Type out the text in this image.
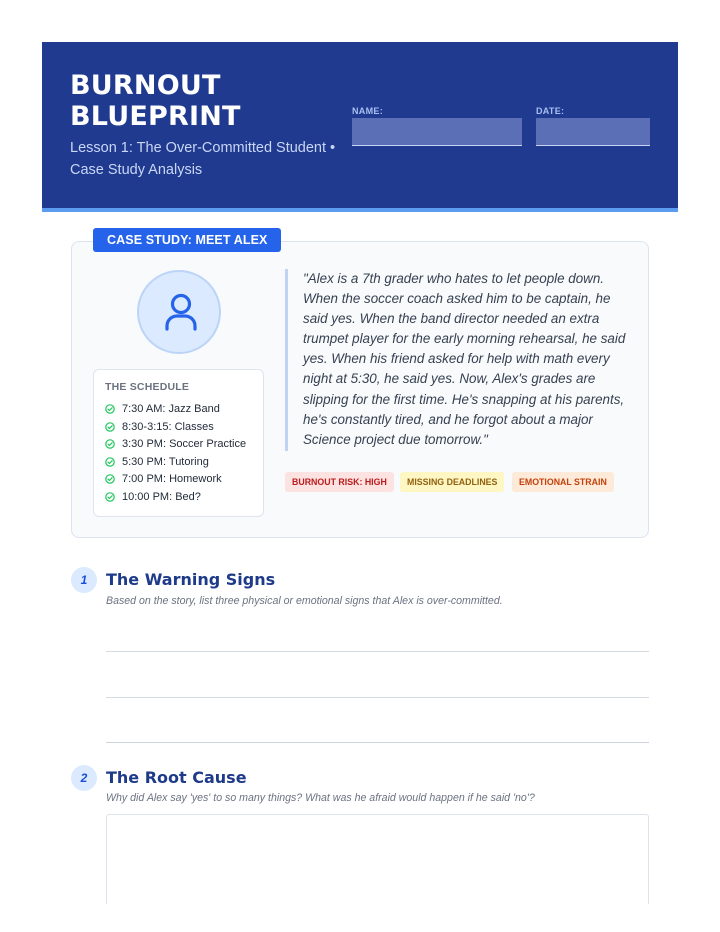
BURNOUT BLUEPRINT
Lesson 1: The Over-Committed Student • Case Study Analysis
NAME:	DATE:
CASE STUDY: MEET ALEX
THE SCHEDULE
7:30 AM: Jazz Band
8:30-3:15: Classes
3:30 PM: Soccer Practice
5:30 PM: Tutoring
7:00 PM: Homework
10:00 PM: Bed?
"Alex is a 7th grader who hates to let people down. When the soccer coach asked him to be captain, he said yes. When the band director needed an extra trumpet player for the early morning rehearsal, he said yes. When his friend asked for help with math every night at 5:30, he said yes. Now, Alex's grades are slipping for the first time. He's snapping at his parents, he's constantly tired, and he forgot about a major Science project due tomorrow."
BURNOUT RISK: HIGH	MISSING DEADLINES	EMOTIONAL STRAIN
1	The Warning Signs
Based on the story, list three physical or emotional signs that Alex is over-committed.
2	The Root Cause
Why did Alex say 'yes' to so many things? What was he afraid would happen if he said 'no'?
